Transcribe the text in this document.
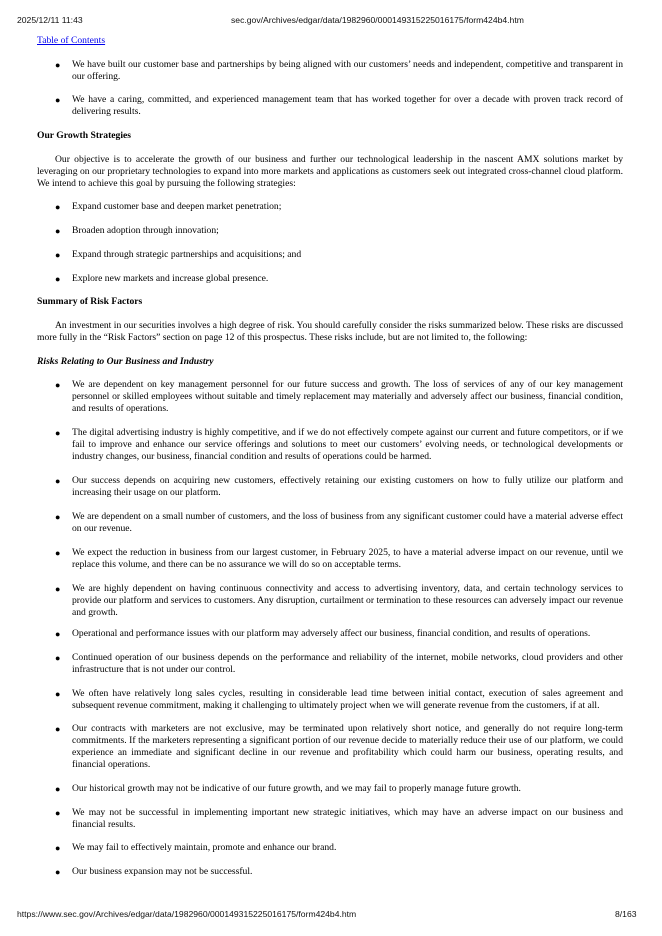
2025/12/11 11:43	sec.gov/Archives/edgar/data/1982960/000149315225016175/form424b4.htm
Table of Contents
Our Growth Strategies
Our objective is to accelerate the growth of our business and further our technological leadership in the nascent AMX solutions market by leveraging on our proprietary technologies to expand into more markets and applications as customers seek out integrated cross-channel cloud platform. We intend to achieve this goal by pursuing the following strategies:
Summary of Risk Factors
An investment in our securities involves a high degree of risk. You should carefully consider the risks summarized below. These risks are discussed more fully in the “Risk Factors” section on page 12 of this prospectus. These risks include, but are not limited to, the following:
Risks Relating to Our Business and Industry
● We have built our customer base and partnerships by being aligned with our customers’ needs and independent, competitive and transparent in our offering.
● We have a caring, committed, and experienced management team that has worked together for over a decade with proven track record of delivering results.
● Expand customer base and deepen market penetration;
● Broaden adoption through innovation;
● Expand through strategic partnerships and acquisitions; and
● Explore new markets and increase global presence.
● We are dependent on key management personnel for our future success and growth. The loss of services of any of our key management personnel or skilled employees without suitable and timely replacement may materially and adversely affect our business, financial condition, and results of operations.
● The digital advertising industry is highly competitive, and if we do not effectively compete against our current and future competitors, or if we fail to improve and enhance our service offerings and solutions to meet our customers’ evolving needs, or technological developments or industry changes, our business, financial condition and results of operations could be harmed.
● Our success depends on acquiring new customers, effectively retaining our existing customers on how to fully utilize our platform and increasing their usage on our platform.
● We are dependent on a small number of customers, and the loss of business from any significant customer could have a material adverse effect on our revenue.
● We expect the reduction in business from our largest customer, in February 2025, to have a material adverse impact on our revenue, until we replace this volume, and there can be no assurance we will do so on acceptable terms.
● We are highly dependent on having continuous connectivity and access to advertising inventory, data, and certain technology services to provide our platform and services to customers. Any disruption, curtailment or termination to these resources can adversely impact our revenue and growth.
● Operational and performance issues with our platform may adversely affect our business, financial condition, and results of operations.
● Continued operation of our business depends on the performance and reliability of the internet, mobile networks, cloud providers and other infrastructure that is not under our control.
● We often have relatively long sales cycles, resulting in considerable lead time between initial contact, execution of sales agreement and subsequent revenue commitment, making it challenging to ultimately project when we will generate revenue from the customers, if at all.
● Our contracts with marketers are not exclusive, may be terminated upon relatively short notice, and generally do not require long-term commitments. If the marketers representing a significant portion of our revenue decide to materially reduce their use of our platform, we could experience an immediate and significant decline in our revenue and profitability which could harm our business, operating results, and financial operations.
● Our historical growth may not be indicative of our future growth, and we may fail to properly manage future growth.
● We may not be successful in implementing important new strategic initiatives, which may have an adverse impact on our business and financial results.
● We may fail to effectively maintain, promote and enhance our brand.
● Our business expansion may not be successful.
https://www.sec.gov/Archives/edgar/data/1982960/000149315225016175/form424b4.htm	8/163
